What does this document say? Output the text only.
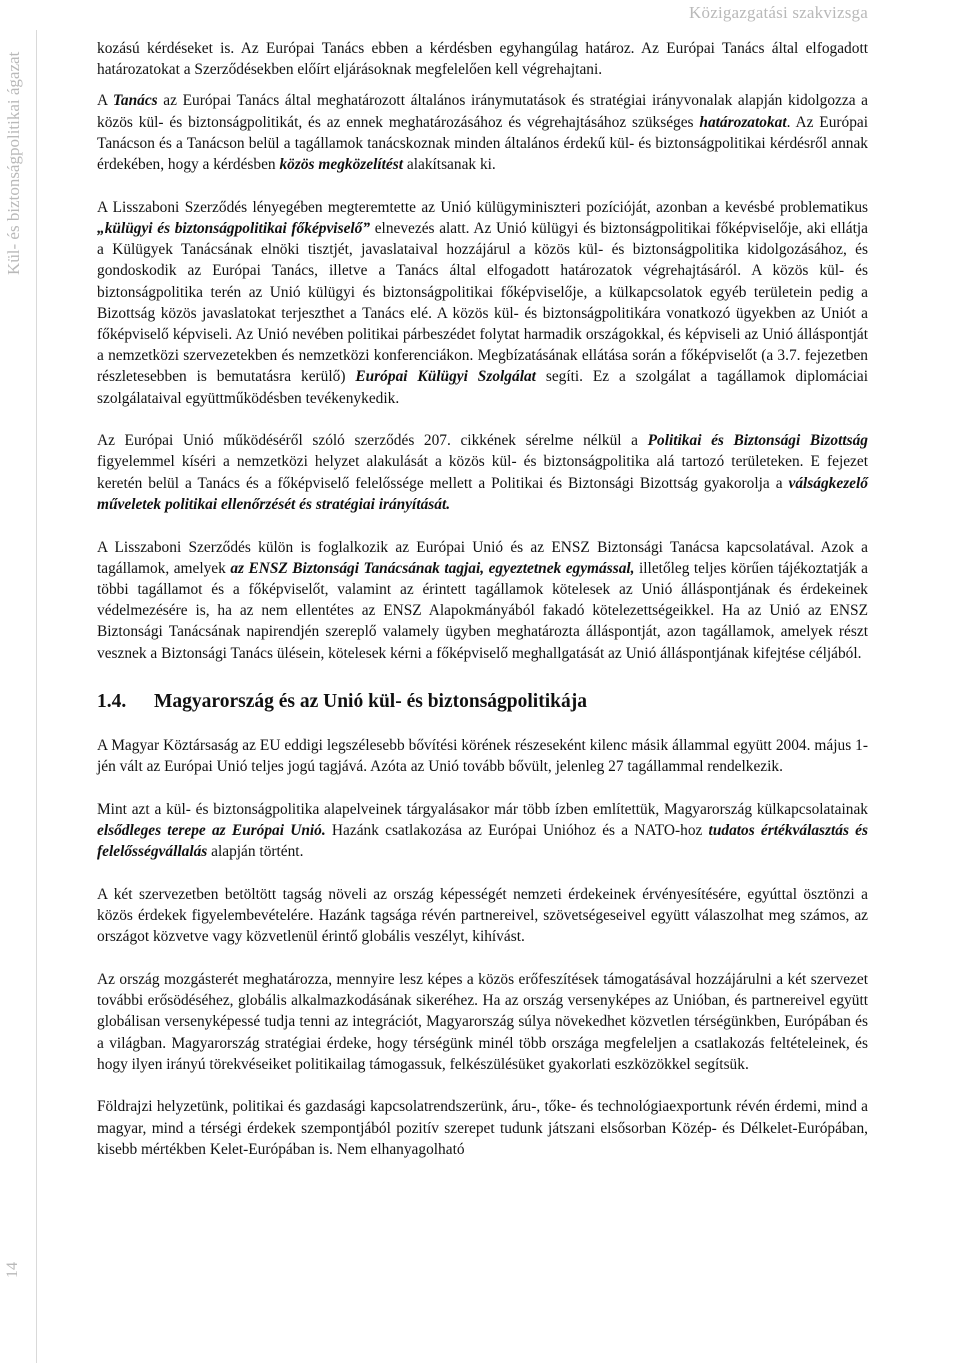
Közigazgatási szakvizsga
Kül- és biztonságpolitikai ágazat
14

kozású kérdéseket is. Az Európai Tanács ebben a kérdésben egyhangúlag határoz. Az Európai Tanács által elfogadott határozatokat a Szerződésekben előírt eljárásoknak megfelelően kell végrehajtani.

A Tanács az Európai Tanács által meghatározott általános iránymutatások és stratégiai irányvonalak alapján kidolgozza a közös kül- és biztonságpolitikát, és az ennek meghatározásához és végrehajtásához szükséges határozatokat. Az Európai Tanácson és a Tanácson belül a tagállamok tanácskoznak minden általános érdekű kül- és biztonságpolitikai kérdésről annak érdekében, hogy a kérdésben közös megközelítést alakítsanak ki.

A Lisszaboni Szerződés lényegében megteremtette az Unió külügyminiszteri pozícióját, azonban a kevésbé problematikus „külügyi és biztonságpolitikai főképviselő” elnevezés alatt. Az Unió külügyi és biztonságpolitikai főképviselője, aki ellátja a Külügyek Tanácsának elnöki tisztjét, javaslataival hozzájárul a közös kül- és biztonságpolitika kidolgozásához, és gondoskodik az Európai Tanács, illetve a Tanács által elfogadott határozatok végrehajtásáról. A közös kül- és biztonságpolitika terén az Unió külügyi és biztonságpolitikai főképviselője, a külkapcsolatok egyéb területein pedig a Bizottság közös javaslatokat terjeszthet a Tanács elé. A közös kül- és biztonságpolitikára vonatkozó ügyekben az Uniót a főképviselő képviseli. Az Unió nevében politikai párbeszédet folytat harmadik országokkal, és képviseli az Unió álláspontját a nemzetközi szervezetekben és nemzetközi konferenciákon. Megbízatásának ellátása során a főképviselőt (a 3.7. fejezetben részletesebben is bemutatásra kerülő) Európai Külügyi Szolgálat segíti. Ez a szolgálat a tagállamok diplomáciai szolgálataival együttműködésben tevékenykedik.

Az Európai Unió működéséről szóló szerződés 207. cikkének sérelme nélkül a Politikai és Biztonsági Bizottság figyelemmel kíséri a nemzetközi helyzet alakulását a közös kül- és biztonságpolitika alá tartozó területeken. E fejezet keretén belül a Tanács és a főképviselő felelőssége mellett a Politikai és Biztonsági Bizottság gyakorolja a válságkezelő műveletek politikai ellenőrzését és stratégiai irányítását.

A Lisszaboni Szerződés külön is foglalkozik az Európai Unió és az ENSZ Biztonsági Tanácsa kapcsolatával. Azok a tagállamok, amelyek az ENSZ Biztonsági Tanácsának tagjai, egyeztetnek egymással, illetőleg teljes körűen tájékoztatják a többi tagállamot és a főképviselőt, valamint az érintett tagállamok kötelesek az Unió álláspontjának és érdekeinek védelmezésére is, ha az nem ellentétes az ENSZ Alapokmányából fakadó kötelezettségeikkel. Ha az Unió az ENSZ Biztonsági Tanácsának napirendjén szereplő valamely ügyben meghatározta álláspontját, azon tagállamok, amelyek részt vesznek a Biztonsági Tanács ülésein, kötelesek kérni a főképviselő meghallgatását az Unió álláspontjának kifejtése céljából.

1.4. Magyarország és az Unió kül- és biztonságpolitikája

A Magyar Köztársaság az EU eddigi legszélesebb bővítési körének részeseként kilenc másik állammal együtt 2004. május 1-jén vált az Európai Unió teljes jogú tagjává. Azóta az Unió tovább bővült, jelenleg 27 tagállammal rendelkezik.

Mint azt a kül- és biztonságpolitika alapelveinek tárgyalásakor már több ízben említettük, Magyarország külkapcsolatainak elsődleges terepe az Európai Unió. Hazánk csatlakozása az Európai Unióhoz és a NATO-hoz tudatos értékválasztás és felelősségvállalás alapján történt.

A két szervezetben betöltött tagság növeli az ország képességét nemzeti érdekeinek érvényesítésére, egyúttal ösztönzi a közös érdekek figyelembevételére. Hazánk tagsága révén partnereivel, szövetségeseivel együtt válaszolhat meg számos, az országot közvetve vagy közvetlenül érintő globális veszélyt, kihívást.

Az ország mozgásterét meghatározza, mennyire lesz képes a közös erőfeszítések támogatásával hozzájárulni a két szervezet további erősödéséhez, globális alkalmazkodásának sikeréhez. Ha az ország versenyképes az Unióban, és partnereivel együtt globálisan versenyképessé tudja tenni az integrációt, Magyarország súlya növekedhet közvetlen térségünkben, Európában és a világban. Magyarország stratégiai érdeke, hogy térségünk minél több országa megfeleljen a csatlakozás feltételeinek, és hogy ilyen irányú törekvéseiket politikailag támogassuk, felkészülésüket gyakorlati eszközökkel segítsük.

Földrajzi helyzetünk, politikai és gazdasági kapcsolatrendszerünk, áru-, tőke- és technológiaexportunk révén érdemi, mind a magyar, mind a térségi érdekek szempontjából pozitív szerepet tudunk játszani elsősorban Közép- és Délkelet-Európában, kisebb mértékben Kelet-Európában is. Nem elhanyagolható
